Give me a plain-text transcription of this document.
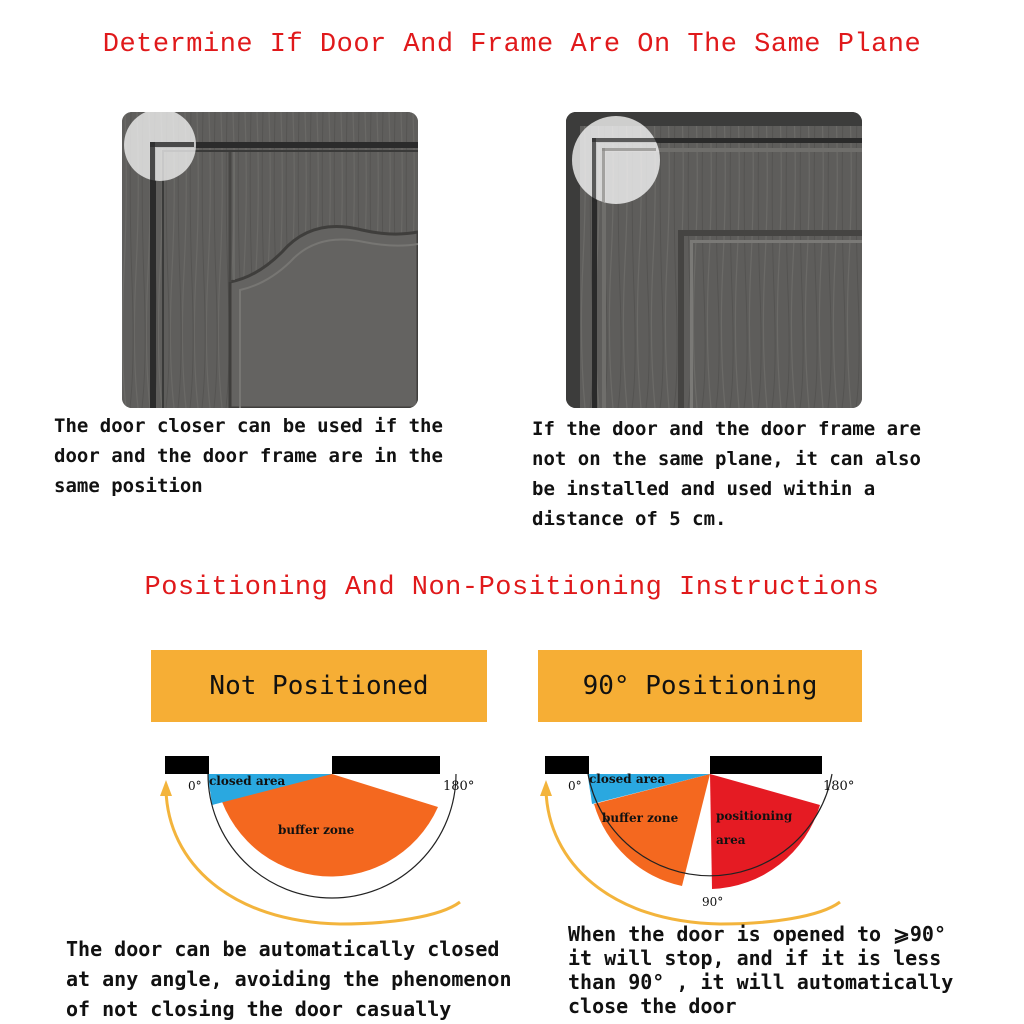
Determine If Door And Frame Are On The Same Plane
Positioning And Non-Positioning Instructions
The door closer can be used if the
door and the door frame are in the
same position
If the door and the door frame are
not on the same plane, it can also
be installed and used within a
distance of 5 cm.
Not Positioned	90° Positioning
0°	180°
closed area
buffer zone
0°	180°
90°
closed area
buffer zone	positioning
area
The door can be automatically closed
at any angle, avoiding the phenomenon
of not closing the door casually
When the door is opened to ⩾90°
it will stop, and if it is less
than 90° , it will automatically
close the door
